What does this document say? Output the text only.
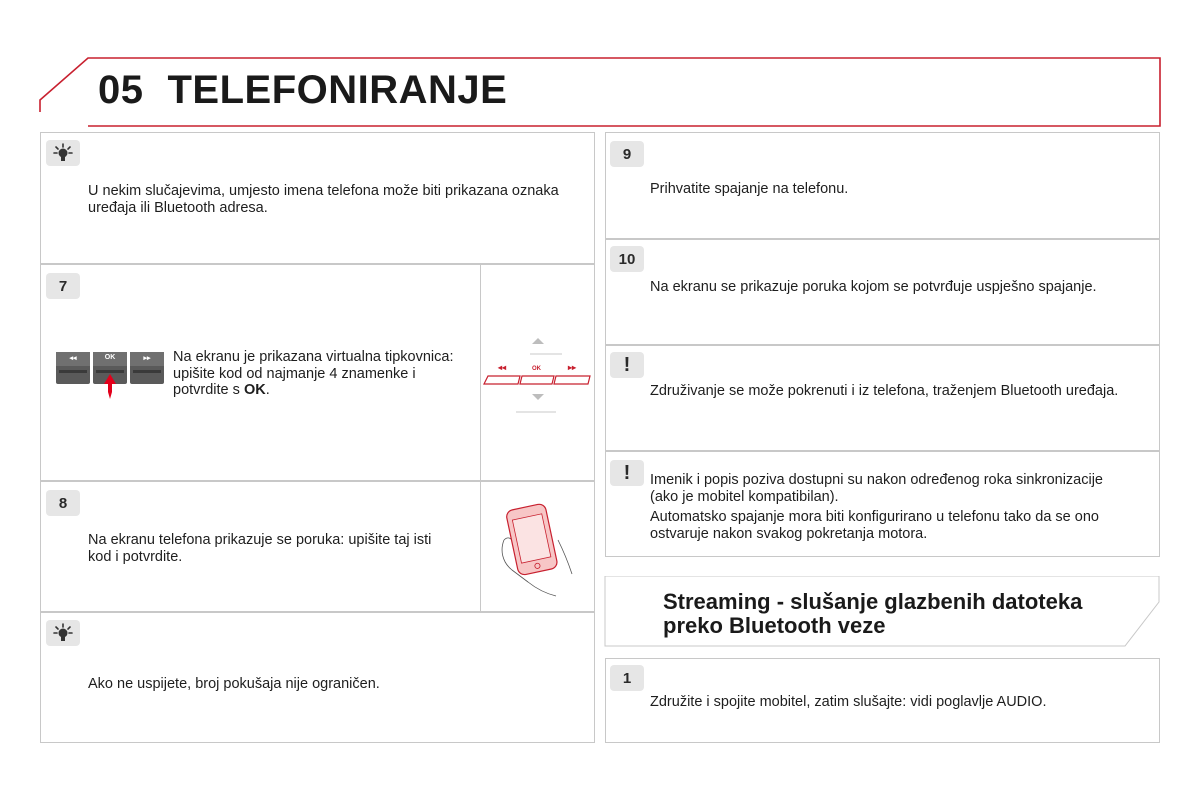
05 TELEFONIRANJE
U nekim slučajevima, umjesto imena telefona može biti prikazana oznaka uređaja ili Bluetooth adresa.
7
◂◂	OK	▸▸	Na ekranu je prikazana virtualna tipkovnica: upišite kod od najmanje 4 znamenke i potvrdite s OK.
◂◂	OK	▸▸
8
Na ekranu telefona prikazuje se poruka: upišite taj isti kod i potvrdite.
Ako ne uspijete, broj pokušaja nije ograničen.
9
Prihvatite spajanje na telefonu.
10
Na ekranu se prikazuje poruka kojom se potvrđuje uspješno spajanje.
!
Združivanje se može pokrenuti i iz telefona, traženjem Bluetooth uređaja.
!	Imenik i popis poziva dostupni su nakon određenog roka sinkronizacije (ako je mobitel kompatibilan).
Automatsko spajanje mora biti konfigurirano u telefonu tako da se ono ostvaruje nakon svakog pokretanja motora.
Streaming - slušanje glazbenih datoteka preko Bluetooth veze
1
Združite i spojite mobitel, zatim slušajte: vidi poglavlje AUDIO.
